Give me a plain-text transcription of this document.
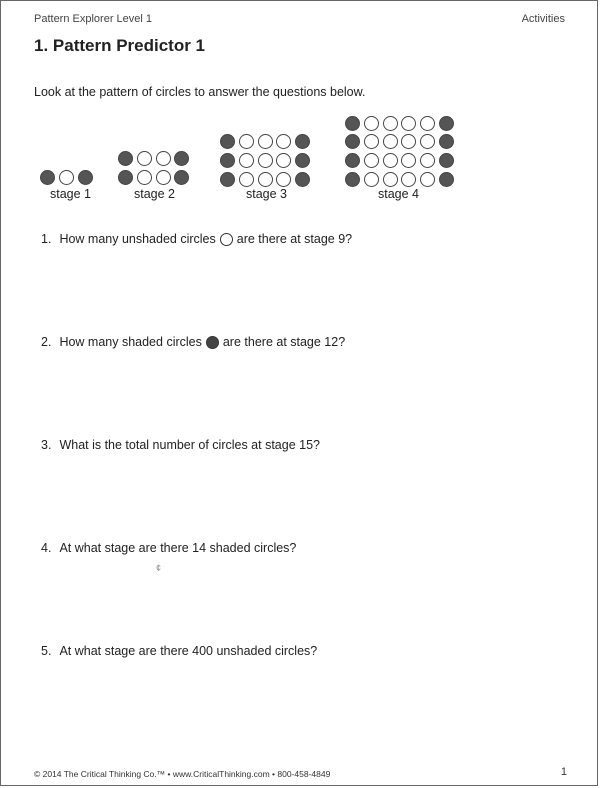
Pattern Explorer Level 1	Activities
1. Pattern Predictor 1
Look at the pattern of circles to answer the questions below.
stage 1	stage 2	stage 3	stage 4
1. How many unshaded circles are there at stage 9?
2. How many shaded circles are there at stage 12?
3. What is the total number of circles at stage 15?
4. At what stage are there 14 shaded circles?
¢
5. At what stage are there 400 unshaded circles?
© 2014 The Critical Thinking Co.™ • www.CriticalThinking.com • 800-458-4849	1
